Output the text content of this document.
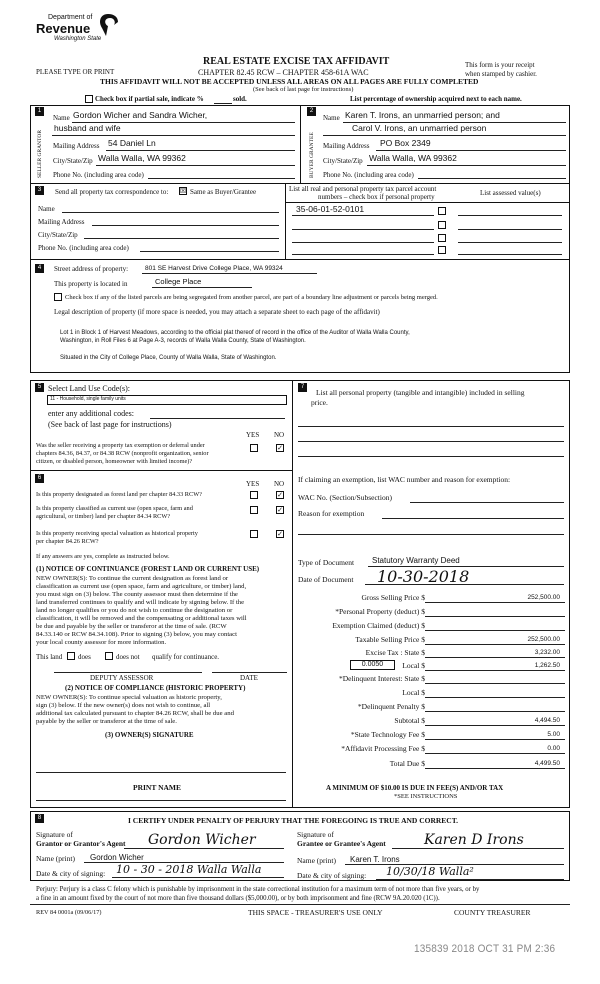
Department of
Revenue
Washington State
PLEASE TYPE OR PRINT
REAL ESTATE EXCISE TAX AFFIDAVIT
CHAPTER 82.45 RCW – CHAPTER 458-61A WAC
This form is your receipt
when stamped by cashier.
THIS AFFIDAVIT WILL NOT BE ACCEPTED UNLESS ALL AREAS ON ALL PAGES ARE FULLY COMPLETED
(See back of last page for instructions)
Check box if partial sale, indicate %	sold.	List percentage of ownership acquired next to each name.
1
SELLER GRANTOR
Name Gordon Wicher and Sandra Wicher,
husband and wife
Mailing Address 54 Daniel Ln
City/State/Zip Walla Walla, WA 99362
Phone No. (including area code)
2
BUYER GRANTEE
Name Karen T. Irons, an unmarried person; and
Carol V. Irons, an unmarried person
Mailing Address PO Box 2349
City/State/Zip Walla Walla, WA 99362
Phone No. (including area code)
3	Send all property tax correspondence to: ☒ Same as Buyer/Grantee
Name
Mailing Address
City/State/Zip
Phone No. (including area code)
List all real and personal property tax parcel account
numbers – check box if personal property	List assessed value(s)
35-06-01-52-0101
4	Street address of property:	801 SE Harvest Drive College Place, WA 99324
This property is located in	College Place
Check box if any of the listed parcels are being segregated from another parcel, are part of a boundary line adjustment or parcels being merged.
Legal description of property (if more space is needed, you may attach a separate sheet to each page of the affidavit)
Lot 1 in Block 1 of Harvest Meadows, according to the official plat thereof of record in the office of the Auditor of Walla Walla County,
Washington, in Roll Files 6 at Page A-3, records of Walla Walla County, State of Washington.
Situated in the City of College Place, County of Walla Walla, State of Washington.
5 Select Land Use Code(s):
11 - Household, single family units
enter any additional codes:
(See back of last page for instructions)
YES NO
Was the seller receiving a property tax exemption or deferral under
chapters 84.36, 84.37, or 84.38 RCW (nonprofit organization, senior
citizen, or disabled person, homeowner with limited income)?
✓
6
YES NO
Is this property designated as forest land per chapter 84.33 RCW?	✓
Is this property classified as current use (open space, farm and
agricultural, or timber) land per chapter 84.34 RCW?
✓
Is this property receiving special valuation as historical property
per chapter 84.26 RCW?
✓
If any answers are yes, complete as instructed below.
(1) NOTICE OF CONTINUANCE (FOREST LAND OR CURRENT USE)
NEW OWNER(S): To continue the current designation as forest land or
classification as current use (open space, farm and agriculture, or timber) land,
you must sign on (3) below. The county assessor must then determine if the
land transferred continues to qualify and will indicate by signing below. If the
land no longer qualifies or you do not wish to continue the designation or
classification, it will be removed and the compensating or additional taxes will
be due and payable by the seller or transferor at the time of sale. (RCW
84.33.140 or RCW 84.34.108). Prior to signing (3) below, you may contact
your local county assessor for more information.
This land does	does not qualify for continuance.
DEPUTY ASSESSOR	DATE
(2) NOTICE OF COMPLIANCE (HISTORIC PROPERTY)
NEW OWNER(S): To continue special valuation as historic property,
sign (3) below. If the new owner(s) does not wish to continue, all
additional tax calculated pursuant to chapter 84.26 RCW, shall be due and
payable by the seller or transferor at the time of sale.
(3) OWNER(S) SIGNATURE
PRINT NAME
7
List all personal property (tangible and intangible) included in selling
price.
If claiming an exemption, list WAC number and reason for exemption:
WAC No. (Section/Subsection)
Reason for exemption
Type of Document Statutory Warranty Deed
Date of Document 10-30-2018
Gross Selling Price $	252,500.00
*Personal Property (deduct) $
Exemption Claimed (deduct) $
Taxable Selling Price $	252,500.00
Excise Tax : State $	3,232.00
0.0050	Local $	1,262.50
*Delinquent Interest: State $
Local $
*Delinquent Penalty $
Subtotal $	4,494.50
*State Technology Fee $	5.00
*Affidavit Processing Fee $	0.00
Total Due $	4,499.50
A MINIMUM OF $10.00 IS DUE IN FEE(S) AND/OR TAX
*SEE INSTRUCTIONS
8	I CERTIFY UNDER PENALTY OF PERJURY THAT THE FOREGOING IS TRUE AND CORRECT.
Signature of
Grantor or Grantor's Agent Gordon Wicher	Signature of
Grantee or Grantee's Agent	Karen D Irons
Name (print) Gordon Wicher	Name (print) Karen T. Irons
Date & city of signing: 10 - 30 - 2018 Walla Walla	Date & city of signing: 10/30/18 Walla²
Perjury: Perjury is a class C felony which is punishable by imprisonment in the state correctional institution for a maximum term of not more than five years, or by
a fine in an amount fixed by the court of not more than five thousand dollars ($5,000.00), or by both imprisonment and fine (RCW 9A.20.020 (1C)).
REV 84 0001a (09/06/17)	THIS SPACE - TREASURER'S USE ONLY	COUNTY TREASURER
135839 2018 OCT 31 PM 2:36
